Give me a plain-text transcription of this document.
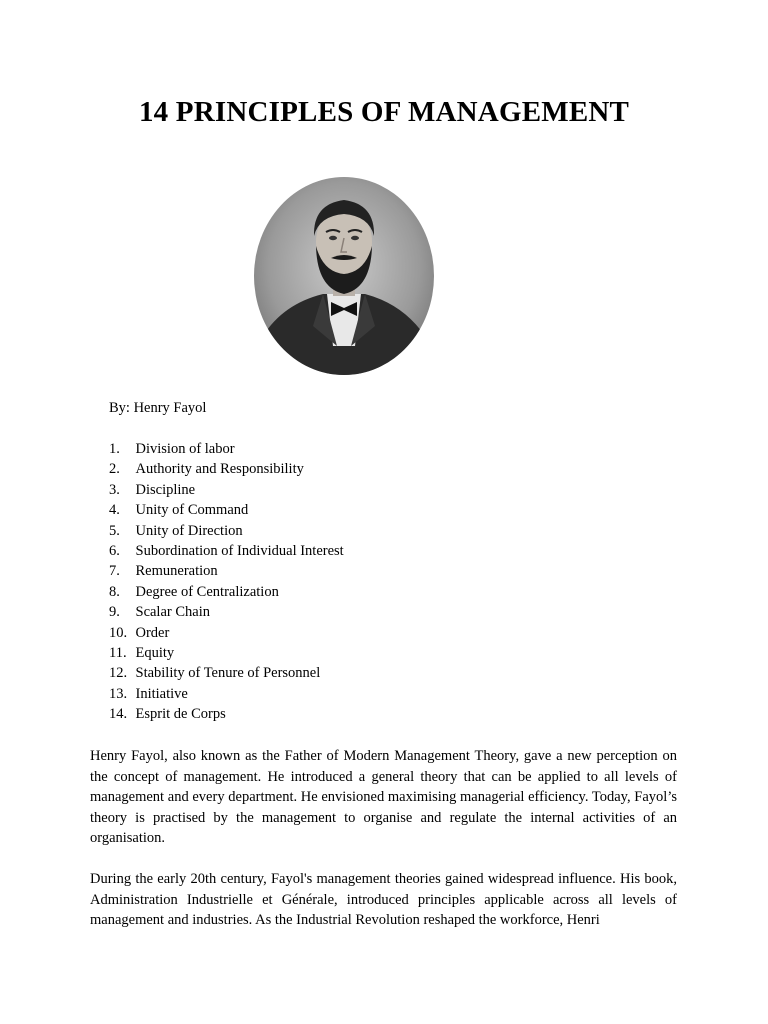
14 PRINCIPLES OF MANAGEMENT

By: Henry Fayol

1.	Division of labor
2.	Authority and Responsibility
3.	Discipline
4.	Unity of Command
5.	Unity of Direction
6.	Subordination of Individual Interest
7.	Remuneration
8.	Degree of Centralization
9.	Scalar Chain
10. Order
11. Equity
12. Stability of Tenure of Personnel
13. Initiative
14. Esprit de Corps

Henry Fayol, also known as the Father of Modern Management Theory, gave a new perception on the concept of management. He introduced a general theory that can be applied to all levels of management and every department. He envisioned maximising managerial efficiency. Today, Fayol’s theory is practised by the management to organise and regulate the internal activities of an organisation.

During the early 20th century, Fayol's management theories gained widespread influence. His book, Administration Industrielle et Générale, introduced principles applicable across all levels of management and industries. As the Industrial Revolution reshaped the workforce, Henri
